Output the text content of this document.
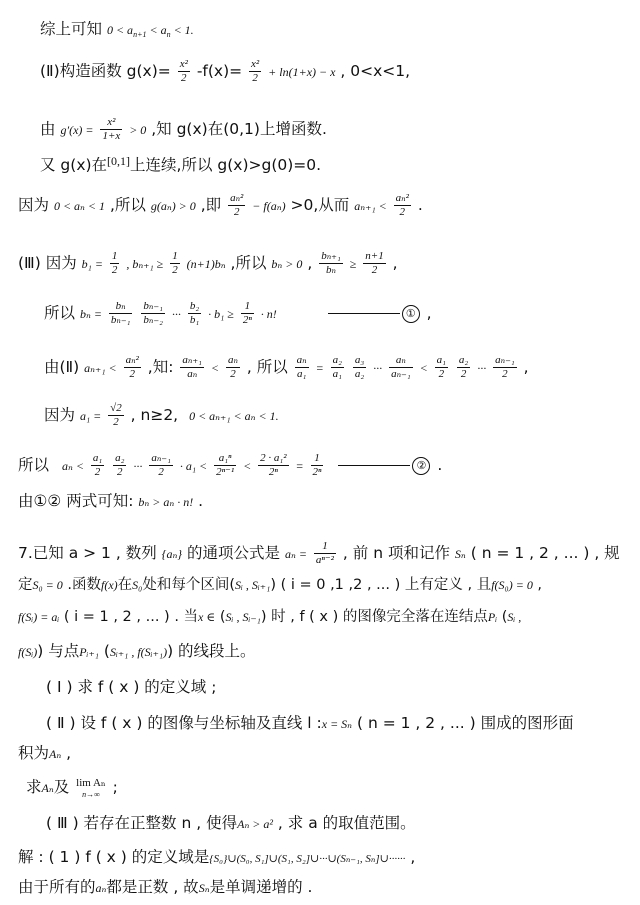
综上可知 $0 < a_{n+1} < a_n < 1$.
(Ⅱ)构造函数 $g(x)= \frac{\text{x²}}{2} -f(x)= \frac{\text{x²}}{2} + \ln(1+x) - x$ , 0<x<1,
由 $g'(x) = \frac{\text{x²}}{1+x} > 0$ ,知 g(x)在(0,1)上增函数.
又 g(x)在[0,1]上连续,所以 g(x)>g(0)=0.
因为 0 < aₙ < 1 ,所以 g(aₙ) > 0 ,即 $\frac{\text{aₙ²}}{2} - f(a_n) >0$,从而 $a_{n+1} < \frac{\text{aₙ²}}{2}$ .
(Ⅲ) 因为 $b_1 = \frac{1}{2}$ , $b_{n+1} \ge \frac{1}{2} (n+1)b_n$ ,所以 bₙ > 0 , $\frac{\text{bₙ₊₁}}{\text{bₙ}} \ge \frac{n+1}{2}$ ,
所以 $b_n = \frac{\text{bₙ}}{\text{bₙ₋₁}}$
$\frac{\text{bₙ₋₁}}{\text{bₙ₋₂}}$ ··· $\frac{\text{b₂}}{\text{b₁}} \cdot b_1 \ge \frac{1}{\text{2ⁿ}} \cdot n$!	① ,
由(Ⅱ) $a_{n+1} < \frac{\text{aₙ²}}{2}$ ,知: $\frac{\text{aₙ₊₁}}{\text{aₙ}} < \frac{\text{aₙ}}{2}$ , 所以 $\frac{\text{aₙ}}{\text{a₁}} = \frac{\text{a₂}}{\text{a₁}}$
$\frac{\text{a₃}}{\text{a₂}}$ ··· $\frac{\text{aₙ}}{\text{aₙ₋₁}} < \frac{\text{a₁}}{2}$
$\frac{\text{a₂}}{2}$ ··· $\frac{\text{aₙ₋₁}}{2}$ ,
因为 $a_1 = \frac{√2}{2}$ , n≥2, 0 < aₙ₊₁ < aₙ < 1.
所以 $a_n < \frac{\text{a₁}}{2}$
$\frac{\text{a₂}}{2}$ ··· $\frac{\text{aₙ₋₁}}{2} \cdot a_1 < \frac{\text{a₁ⁿ}}{\text{2ⁿ⁻¹}} < \frac{\text{2 · a₁²}}{\text{2ⁿ}} = \frac{1}{\text{2ⁿ}}$	② .
由①② 两式可知: bₙ > aₙ · n! .
7.已知 a > 1 , 数列 {aₙ} 的通项公式是 $a_n = \frac{1}{\text{aⁿ⁻²}}$ , 前 n 项和记作 Sₙ ( n = 1 , 2 , ... ) , 规
定S₀ = 0 .函数f(x)在S₀处和每个区间(Sᵢ , Sᵢ₊₁) ( i = 0 ,1 ,2 , ... ) 上有定义 , 且f(S₀) = 0 ,
f(Sᵢ) = aᵢ ( i = 1 , 2 , ... ) . 当x ∈ (Sᵢ , Sᵢ₋₁) 时 , f ( x ) 的图像完全落在连结点Pᵢ (Sᵢ ,
f(Sᵢ)) 与点Pᵢ₊₁ (Sᵢ₊₁ , f(Sᵢ₊₁)) 的线段上。
( Ⅰ ) 求 f ( x ) 的定义域 ;
( Ⅱ ) 设 f ( x ) 的图像与坐标轴及直线 l :x = Sₙ ( n = 1 , 2 , ... ) 围成的图形面
积为Aₙ ,
求Aₙ及 lim Aₙ
n→∞ ;
( Ⅲ ) 若存在正整数 n , 使得Aₙ > a² , 求 a 的取值范围。
解 : ( 1 ) f ( x ) 的定义域是{S₀}∪(S₀, S₁]∪(S₁, S₂]∪···∪(Sₙ₋₁, Sₙ]∪······ ,
由于所有的aₙ都是正数 , 故Sₙ是单调递增的 .
